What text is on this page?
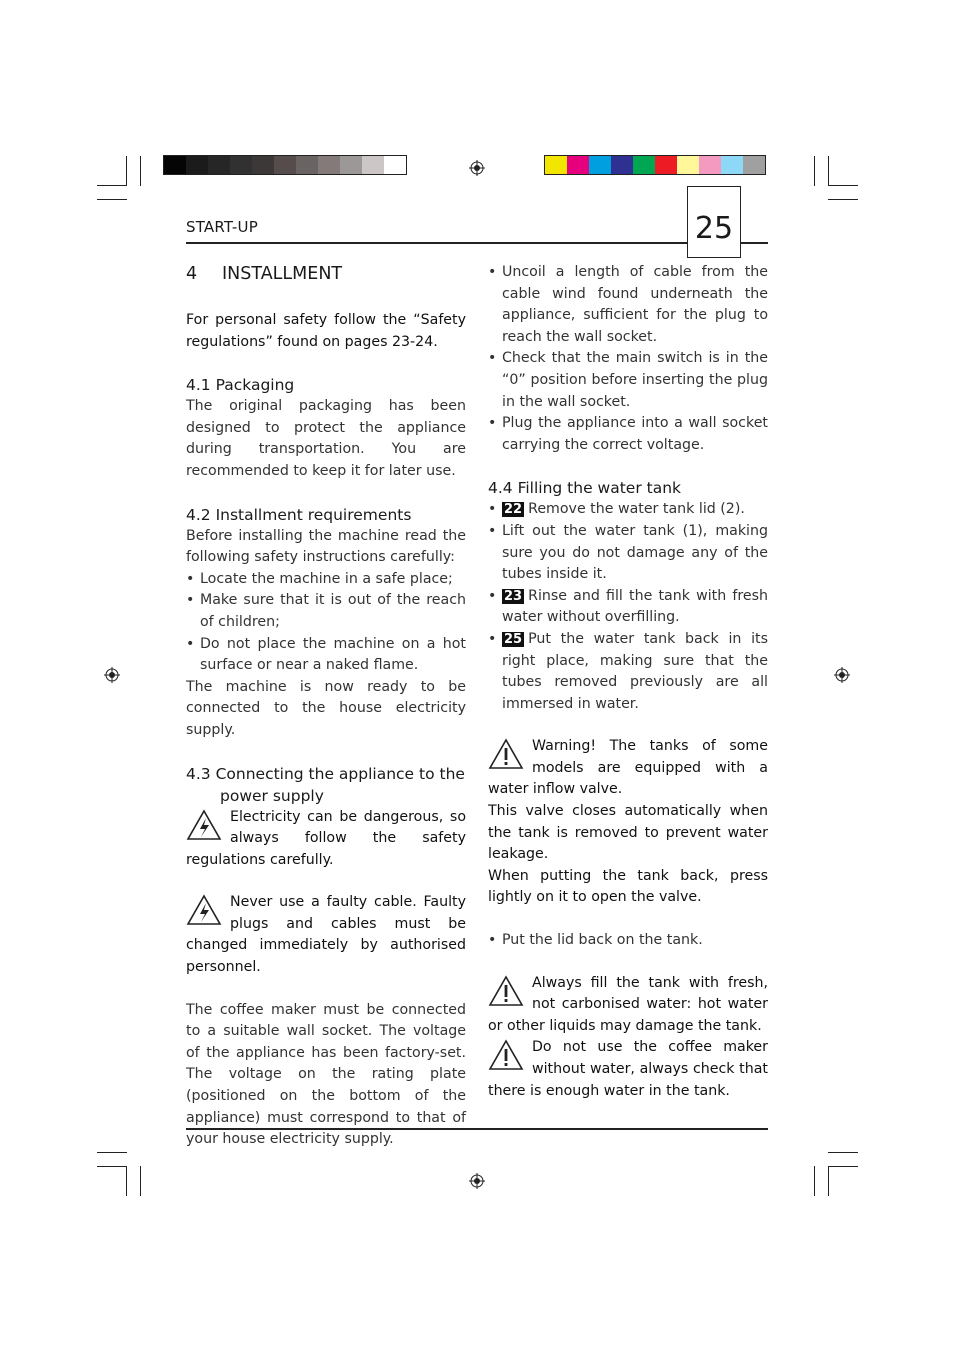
START-UP	25
4 INSTALLMENT

For personal safety follow the “Safety regulations” found on pages 23-24.

4.1 Packaging

The original packaging has been designed to protect the appliance during transportation. You are recommended to keep it for later use.

4.2 Installment requirements

Before installing the machine read the following safety instructions carefully:

• Locate the machine in a safe place;
• Make sure that it is out of the reach of children;
• Do not place the machine on a hot surface or near a naked flame.

The machine is now ready to be connected to the house electricity supply.

4.3 Connecting the appliance to the
power supply

Electricity can be dangerous, so always follow the safety regulations carefully.

Never use a faulty cable. Faulty plugs and cables must be changed immediately by authorised personnel.

The coffee maker must be connected to a suitable wall socket. The voltage of the appliance has been factory-set. The voltage on the rating plate (positioned on the bottom of the appliance) must correspond to that of your house electricity supply.

• Uncoil a length of cable from the cable wind found underneath the appliance, sufficient for the plug to reach the wall socket.
• Check that the main switch is in the “0” position before inserting the plug in the wall socket.
• Plug the appliance into a wall socket carrying the correct voltage.
4.4 Filling the water tank
• 22 Remove the water tank lid (2).
• Lift out the water tank (1), making sure you do not damage any of the tubes inside it.
• 23 Rinse and fill the tank with fresh water without overfilling.
• 25 Put the water tank back in its right place, making sure that the tubes removed previously are all immersed in water.

Warning! The tanks of some models are equipped with a water inflow valve.

This valve closes automatically when the tank is removed to prevent water leakage.

When putting the tank back, press lightly on it to open the valve.

• Put the lid back on the tank.

Always fill the tank with fresh, not carbonised water: hot water or other liquids may damage the tank.

Do not use the coffee maker without water, always check that there is enough water in the tank.
